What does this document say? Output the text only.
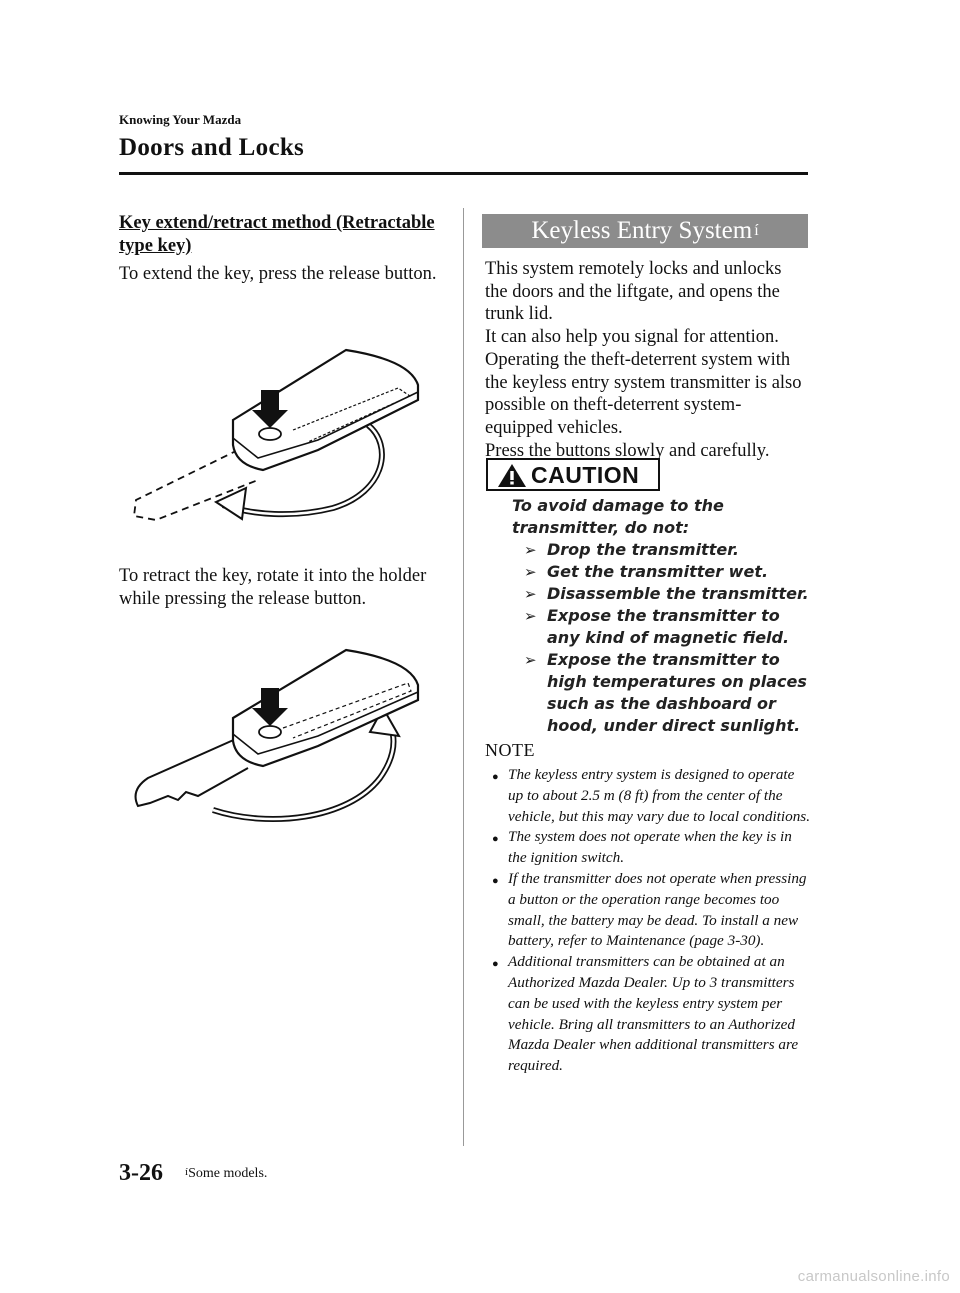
Knowing Your Mazda
Doors and Locks
Key extend/retract method (Retractable type key)
To extend the key, press the release button.
To retract the key, rotate it into the holder while pressing the release button.
Keyless Entry System $^í$
This system remotely locks and unlocks the doors and the liftgate, and opens the trunk lid.
It can also help you signal for attention.
Operating the theft-deterrent system with the keyless entry system transmitter is also possible on theft-deterrent system-equipped vehicles.
Press the buttons slowly and carefully.
CAUTION
To avoid damage to the transmitter, do not:
➢ Drop the transmitter.
➢ Get the transmitter wet.
➢ Disassemble the transmitter.
➢ Expose the transmitter to any kind of magnetic field.
➢ Expose the transmitter to high temperatures on places such as the dashboard or hood, under direct sunlight.
NOTE
● The keyless entry system is designed to operate up to about 2.5 m (8 ft) from the center of the vehicle, but this may vary due to local conditions.
● The system does not operate when the key is in the ignition switch.
● If the transmitter does not operate when pressing a button or the operation range becomes too small, the battery may be dead. To install a new battery, refer to Maintenance (page 3-30).
● Additional transmitters can be obtained at an Authorized Mazda Dealer. Up to 3 transmitters can be used with the keyless entry system per vehicle. Bring all transmitters to an Authorized Mazda Dealer when additional transmitters are required.
3-26 $^í$Some models.
carmanualsonline.info
